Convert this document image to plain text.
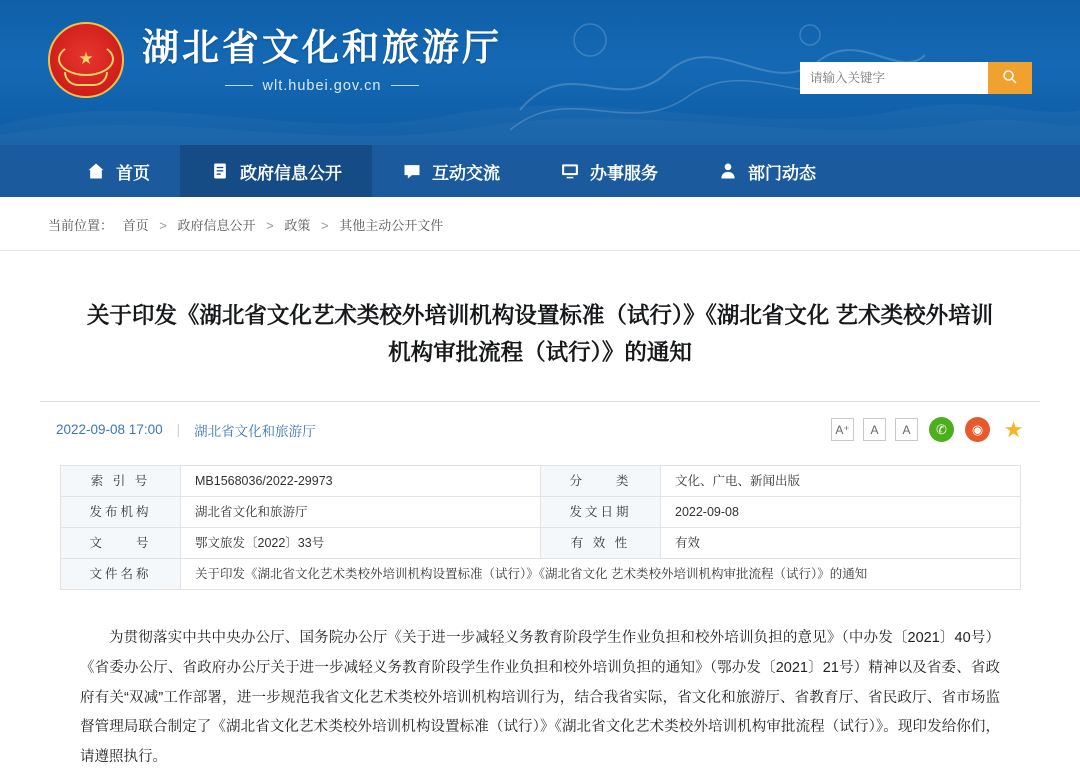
★ 湖北省文化和旅游厅
wlt.hubei.gov.cn
请输入关键字
首页	政府信息公开	互动交流	办事服务	部门动态
当前位置： 首页 > 政府信息公开 > 政策 > 其他主动公开文件
关于印发《湖北省文化艺术类校外培训机构设置标准（试行）》《湖北省文化 艺术类校外培训机构审批流程（试行）》的通知
2022-09-08 17:00 | 湖北省文化和旅游厅	A⁺	A	A	✆	◉ ★
索 引 号	MB1568036/2022-29973	分　　类	文化、广电、新闻出版
发布机构	湖北省文化和旅游厅	发文日期	2022-09-08
文　　号	鄂文旅发〔2022〕33号	有 效 性	有效
文件名称	关于印发《湖北省文化艺术类校外培训机构设置标准（试行）》《湖北省文化 艺术类校外培训机构审批流程（试行）》的通知		

为贯彻落实中共中央办公厅、国务院办公厅《关于进一步减轻义务教育阶段学生作业负担和校外培训负担的意见》（中办发〔2021〕40号）《省委办公厅、省政府办公厅关于进一步减轻义务教育阶段学生作业负担和校外培训负担的通知》（鄂办发〔2021〕21号）精神以及省委、省政府有关“双减”工作部署，进一步规范我省文化艺术类校外培训机构培训行为，结合我省实际，省文化和旅游厅、省教育厅、省民政厅、省市场监督管理局联合制定了《湖北省文化艺术类校外培训机构设置标准（试行）》《湖北省文化艺术类校外培训机构审批流程（试行）》。现印发给你们，请遵照执行。
